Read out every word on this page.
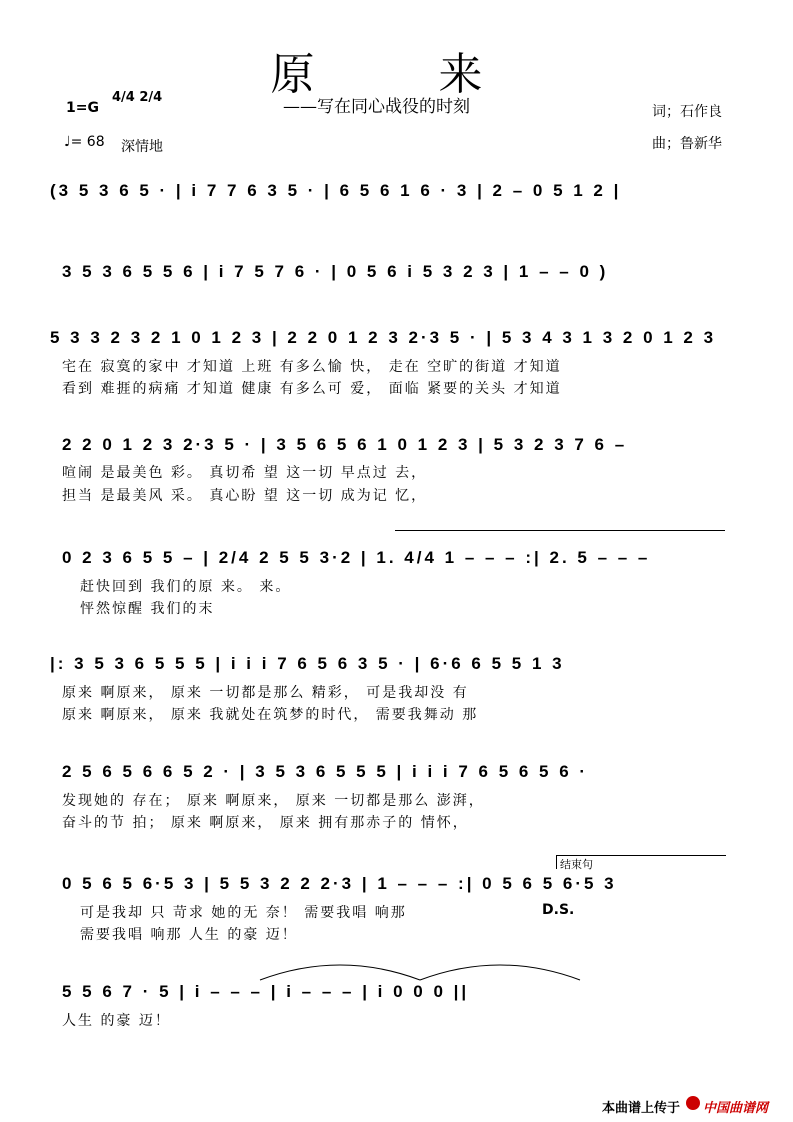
原　来
——写在同心战役的时刻
1=G
4/4 2/4
♩= 68 深情地
词；石作良
曲；鲁新华
(3 5 3 6 5 · | i 7 7 6 3 5 · | 6 5 6 1 6 · 3 | 2 – 0 5 1 2 |
3 5 3 6 5 5 6 | i 7 5 7 6 · | 0 5 6 i 5 3 2 3 | 1 – – 0 )
5 3 3 2 3 2 1 0 1 2 3 | 2 2 0 1 2 3 2·3 5 · | 5 3 4 3 1 3 2 0 1 2 3
宅在 寂寞的家中 才知道 上班 有多么愉 快， 走在 空旷的街道 才知道
看到 难捱的病痛 才知道 健康 有多么可 爱， 面临 紧要的关头 才知道
2 2 0 1 2 3 2·3 5 · | 3 5 6 5 6 1 0 1 2 3 | 5 3 2 3 7 6 –
喧闹 是最美色 彩。 真切希 望 这一切 早点过 去，
担当 是最美风 采。 真心盼 望 这一切 成为记 忆，
0 2 3 6 5 5 – | 2/4 2 5 5 3·2 | 1. 4/4 1 – – – :| 2. 5 – – –
赶快回到 我们的原 来。 来。
怦然惊醒 我们的末
|: 3 5 3 6 5 5 5 | i i i 7 6 5 6 3 5 · | 6·6 6 5 5 1 3
原来 啊原来， 原来 一切都是那么 精彩， 可是我却没 有
原来 啊原来， 原来 我就处在筑梦的时代， 需要我舞动 那
2 5 6 5 6 6 5 2 · | 3 5 3 6 5 5 5 | i i i 7 6 5 6 5 6 ·
发现她的 存在； 原来 啊原来， 原来 一切都是那么 澎湃，
奋斗的节 拍； 原来 啊原来， 原来 拥有那赤子的 情怀，
结束句
0 5 6 5 6·5 3 | 5 5 3 2 2 2·3 | 1 – – – :| 0 5 6 5 6·5 3
可是我却 只 苛求 她的无 奈！ 需要我唱 响那
需要我唱 响那 人生 的豪 迈！
D.S.
5 5 6 7 · 5 | i – – – | i – – – | i 0 0 0 ||
人生 的豪 迈！
本曲谱上传于 中国曲谱网
